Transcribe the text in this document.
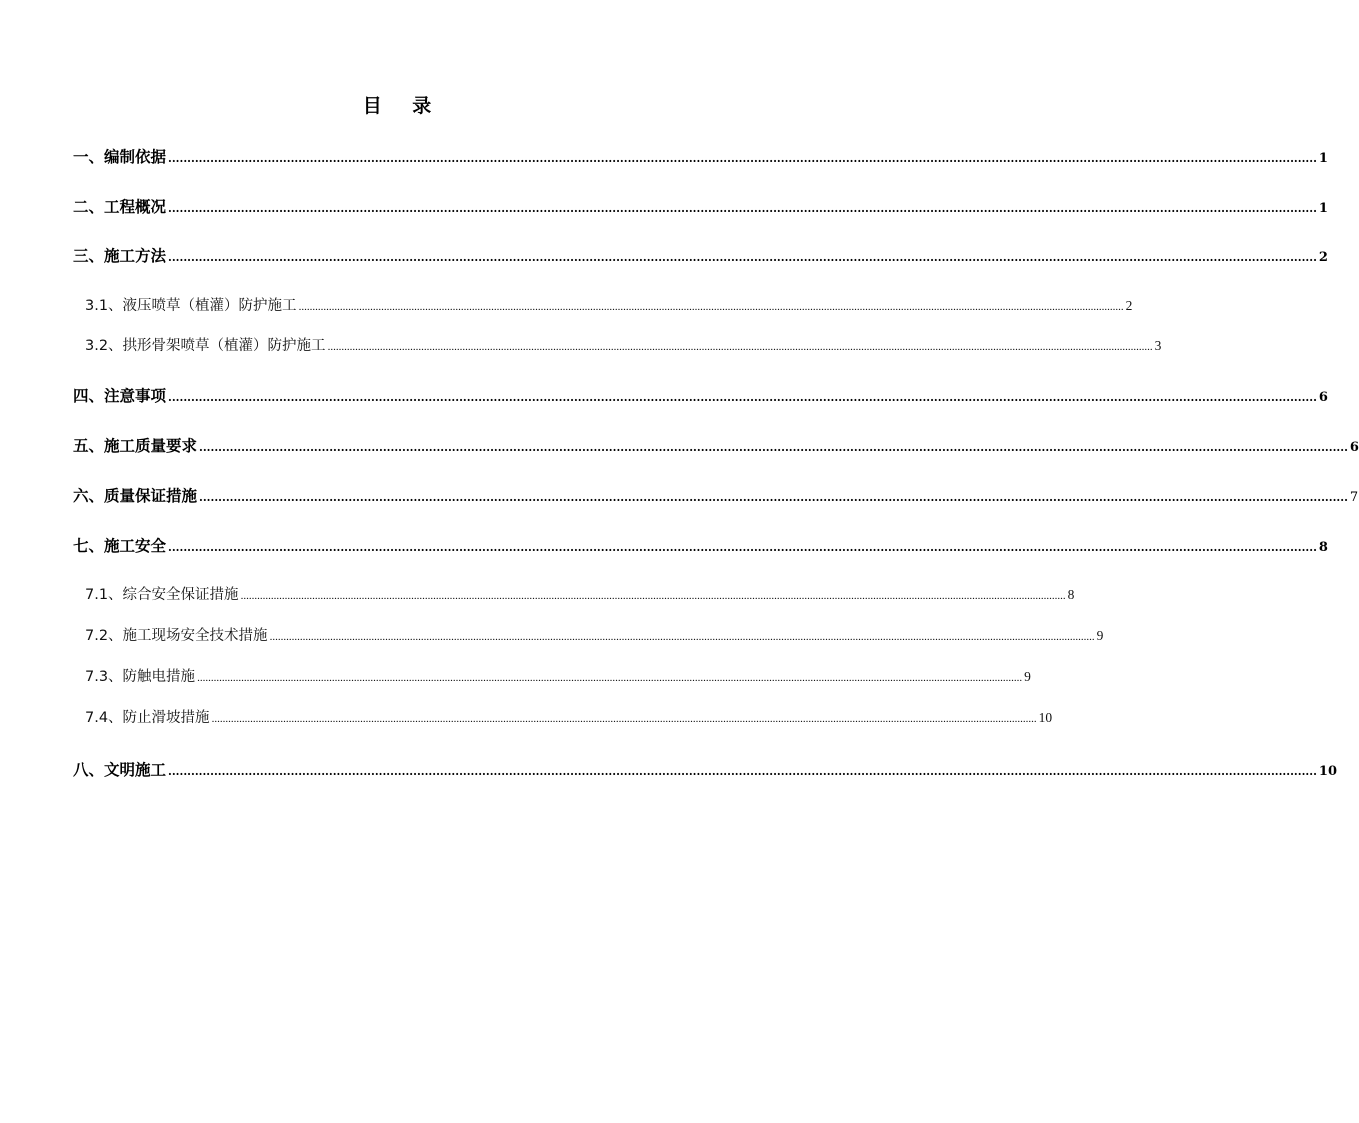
目 录
一、编制依据 ............................................................................................................................................................................................................................................................................................................ 1
二、工程概况 ............................................................................................................................................................................................................................................................................................................ 1
三、施工方法 ............................................................................................................................................................................................................................................................................................................ 2
3.1、液压喷草（植灌）防护施工 ............................................................................................................................................................................................................................................................................................................ 2
3.2、拱形骨架喷草（植灌）防护施工 ............................................................................................................................................................................................................................................................................................................ 3
四、注意事项 ............................................................................................................................................................................................................................................................................................................ 6
五、施工质量要求 ............................................................................................................................................................................................................................................................................................................ 6
六、质量保证措施 ............................................................................................................................................................................................................................................................................................................ 7
七、施工安全 ............................................................................................................................................................................................................................................................................................................ 8
7.1、综合安全保证措施 ............................................................................................................................................................................................................................................................................................................ 8
7.2、施工现场安全技术措施 ............................................................................................................................................................................................................................................................................................................ 9
7.3、防触电措施 ............................................................................................................................................................................................................................................................................................................ 9
7.4、防止滑坡措施 ............................................................................................................................................................................................................................................................................................................ 10
八、文明施工 ............................................................................................................................................................................................................................................................................................................ 10
